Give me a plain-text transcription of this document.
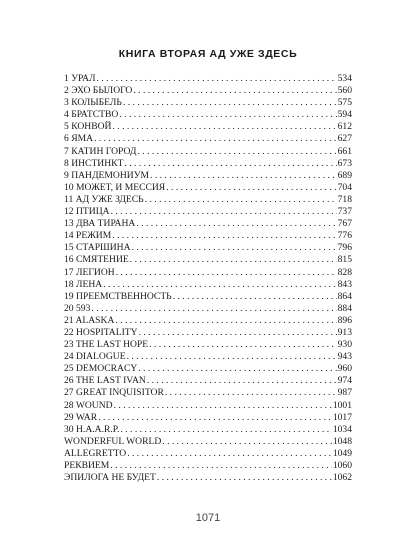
КНИГА ВТОРАЯ АД УЖЕ ЗДЕСЬ
1 УРАЛ . . .	534
2 ЭХО БЫЛОГО . . .	560
3 КОЛЫБЕЛЬ . . .	575
4 БРАТСТВО . . .	594
5 КОНВОЙ . . .	612
6 ЯМА . . .	627
7 КАТИН ГОРОД . . .	661
8 ИНСТИНКТ . . .	673
9 ПАНДЕМОНИУМ . . .	689
10 МОЖЕТ, И МЕССИЯ . . .	704
11 АД УЖЕ ЗДЕСЬ . . .	718
12 ПТИЦА . . .	737
13 ДВА ТИРАНА . . .	767
14 РЕЖИМ . . .	776
15 СТАРШИНА . . .	796
16 СМЯТЕНИЕ . . .	815
17 ЛЕГИОН . . .	828
18 ЛЕНА . . .	843
19 ПРЕЕМСТВЕННОСТЬ . . .	864
20 593 . . .	884
21 ALASKA . . .	896
22 HOSPITALITY . . .	913
23 THE LAST HOPE . . .	930
24 DIALOGUE . . .	943
25 DEMOCRACY . . .	960
26 THE LAST IVAN . . .	974
27 GREAT INQUISITOR . . .	987
28 WOUND . . .	1001
29 WAR . . .	1017
30 H.A.A.R.P. . . .	1034
WONDERFUL WORLD . . .	1048
ALLEGRETTO . . .	1049
РЕКВИЕМ . . .	1060
ЭПИЛОГА НЕ БУДЕТ . . .	1062
1071
